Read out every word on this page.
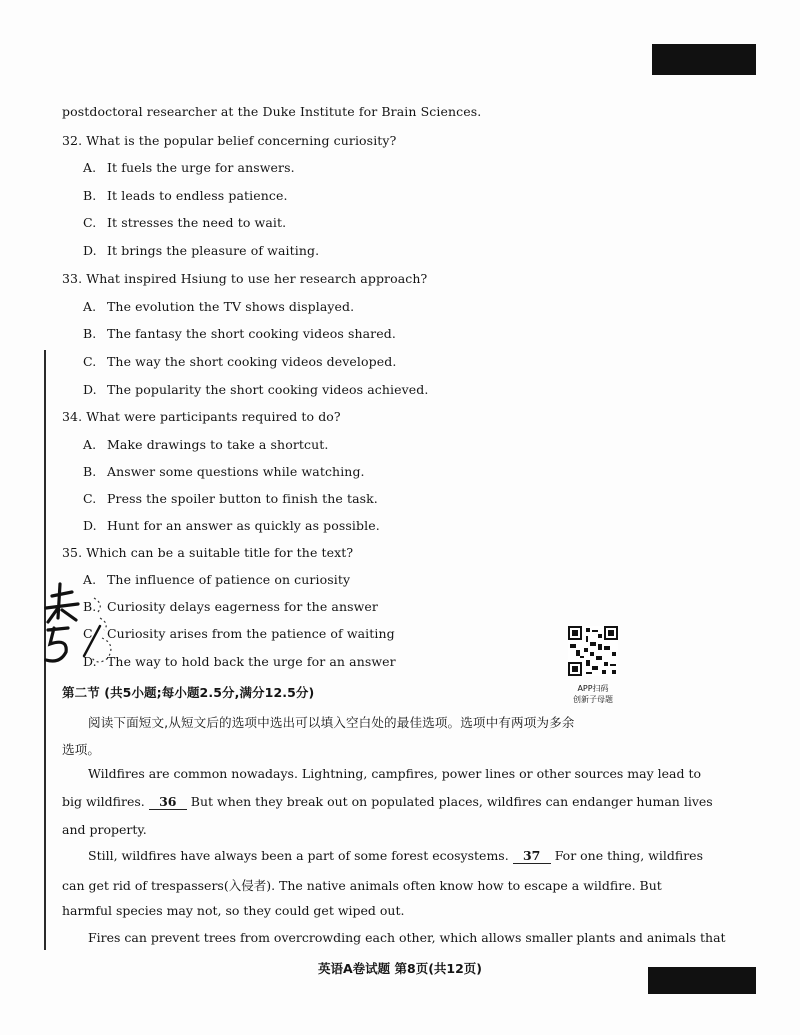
postdoctoral researcher at the Duke Institute for Brain Sciences.
32. What is the popular belief concerning curiosity?
A. It fuels the urge for answers.
B. It leads to endless patience.
C. It stresses the need to wait.
D. It brings the pleasure of waiting.
33. What inspired Hsiung to use her research approach?
A. The evolution the TV shows displayed.
B. The fantasy the short cooking videos shared.
C. The way the short cooking videos developed.
D. The popularity the short cooking videos achieved.
34. What were participants required to do?
A. Make drawings to take a shortcut.
B. Answer some questions while watching.
C. Press the spoiler button to finish the task.
D. Hunt for an answer as quickly as possible.
35. Which can be a suitable title for the text?
A. The influence of patience on curiosity
B. Curiosity delays eagerness for the answer
C. Curiosity arises from the patience of waiting
D. The way to hold back the urge for an answer
APP扫码
创新子母题
第二节 (共5小题;每小题2.5分,满分12.5分)
阅读下面短文,从短文后的选项中选出可以填入空白处的最佳选项。选项中有两项为多余
选项。
Wildfires are common nowadays. Lightning, campfires, power lines or other sources may lead to
big wildfires. 36 But when they break out on populated places, wildfires can endanger human lives
and property.
Still, wildfires have always been a part of some forest ecosystems. 37 For one thing, wildfires
can get rid of trespassers(入侵者). The native animals often know how to escape a wildfire. But
harmful species may not, so they could get wiped out.
Fires can prevent trees from overcrowding each other, which allows smaller plants and animals that
英语A卷试题 第8页(共12页)
